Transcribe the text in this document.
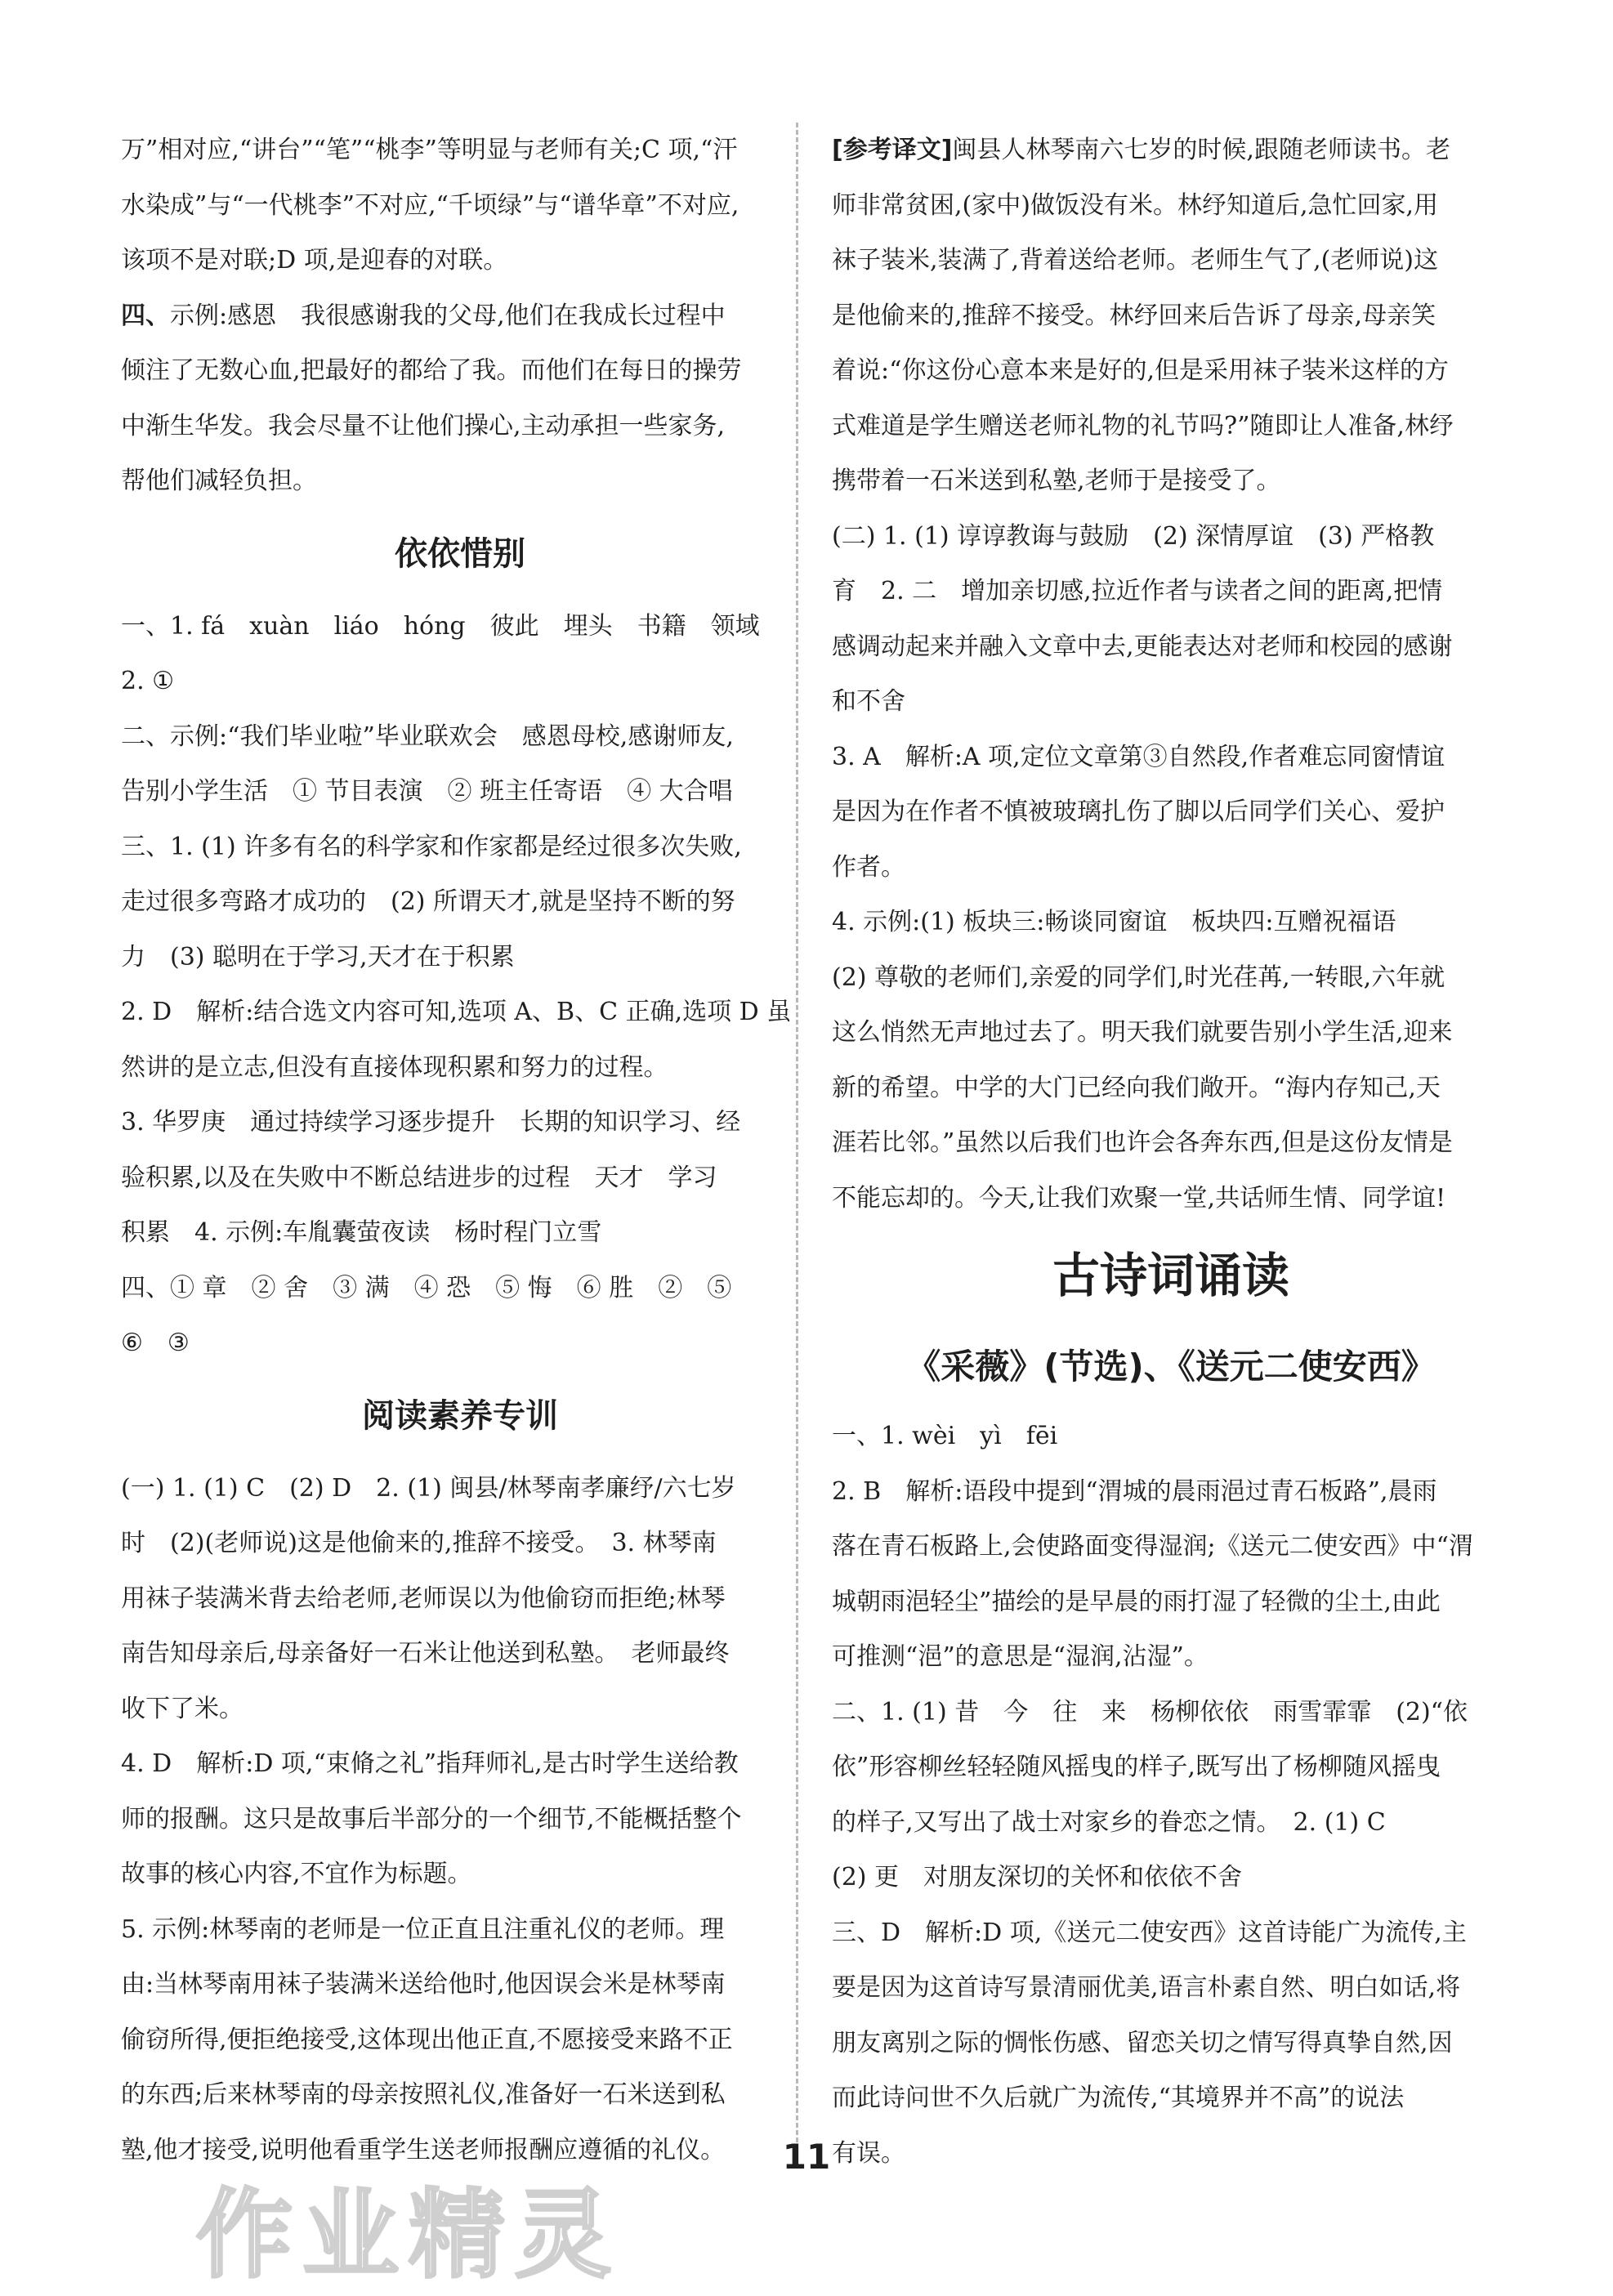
万”相对应,“讲台”“笔”“桃李”等明显与老师有关;C 项,“汗

水染成”与“一代桃李”不对应,“千顷绿”与“谱华章”不对应,

该项不是对联;D 项,是迎春的对联。

四、示例:感恩　我很感谢我的父母,他们在我成长过程中

倾注了无数心血,把最好的都给了我。而他们在每日的操劳

中渐生华发。我会尽量不让他们操心,主动承担一些家务,

帮他们减轻负担。

依依惜别

一、1. fá　xuàn　liáo　hóng　彼此　埋头　书籍　领域

2. ①

二、示例:“我们毕业啦”毕业联欢会　感恩母校,感谢师友,

告别小学生活　① 节目表演　② 班主任寄语　④ 大合唱

三、1. (1) 许多有名的科学家和作家都是经过很多次失败,

走过很多弯路才成功的　(2) 所谓天才,就是坚持不断的努

力　(3) 聪明在于学习,天才在于积累

2. D　解析:结合选文内容可知,选项 A、B、C 正确,选项 D 虽

然讲的是立志,但没有直接体现积累和努力的过程。

3. 华罗庚　通过持续学习逐步提升　长期的知识学习、经

验积累,以及在失败中不断总结进步的过程　天才　学习

积累　4. 示例:车胤囊萤夜读　杨时程门立雪

四、① 章　② 舍　③ 满　④ 恐　⑤ 悔　⑥ 胜　②　⑤

⑥　③

阅读素养专训

(一) 1. (1) C　(2) D　2. (1) 闽县/林琴南孝廉纾/六七岁

时　(2)(老师说)这是他偷来的,推辞不接受。　3. 林琴南

用袜子装满米背去给老师,老师误以为他偷窃而拒绝;林琴

南告知母亲后,母亲备好一石米让他送到私塾。　老师最终

收下了米。

4. D　解析:D 项,“束脩之礼”指拜师礼,是古时学生送给教

师的报酬。这只是故事后半部分的一个细节,不能概括整个

故事的核心内容,不宜作为标题。

5. 示例:林琴南的老师是一位正直且注重礼仪的老师。理

由:当林琴南用袜子装满米送给他时,他因误会米是林琴南

偷窃所得,便拒绝接受,这体现出他正直,不愿接受来路不正

的东西;后来林琴南的母亲按照礼仪,准备好一石米送到私

塾,他才接受,说明他看重学生送老师报酬应遵循的礼仪。

[参考译文]闽县人林琴南六七岁的时候,跟随老师读书。老

师非常贫困,(家中)做饭没有米。林纾知道后,急忙回家,用

袜子装米,装满了,背着送给老师。老师生气了,(老师说)这

是他偷来的,推辞不接受。林纾回来后告诉了母亲,母亲笑

着说:“你这份心意本来是好的,但是采用袜子装米这样的方

式难道是学生赠送老师礼物的礼节吗?”随即让人准备,林纾

携带着一石米送到私塾,老师于是接受了。

(二) 1. (1) 谆谆教诲与鼓励　(2) 深情厚谊　(3) 严格教

育　2. 二　增加亲切感,拉近作者与读者之间的距离,把情

感调动起来并融入文章中去,更能表达对老师和校园的感谢

和不舍

3. A　解析:A 项,定位文章第③自然段,作者难忘同窗情谊

是因为在作者不慎被玻璃扎伤了脚以后同学们关心、爱护

作者。

4. 示例:(1) 板块三:畅谈同窗谊　板块四:互赠祝福语

(2) 尊敬的老师们,亲爱的同学们,时光荏苒,一转眼,六年就

这么悄然无声地过去了。明天我们就要告别小学生活,迎来

新的希望。中学的大门已经向我们敞开。“海内存知己,天

涯若比邻。”虽然以后我们也许会各奔东西,但是这份友情是

不能忘却的。今天,让我们欢聚一堂,共话师生情、同学谊!

古诗词诵读
《采薇》(节选)、《送元二使安西》

一、1. wèi　yì　fēi

2. B　解析:语段中提到“渭城的晨雨浥过青石板路”,晨雨

落在青石板路上,会使路面变得湿润;《送元二使安西》中“渭

城朝雨浥轻尘”描绘的是早晨的雨打湿了轻微的尘土,由此

可推测“浥”的意思是“湿润,沾湿”。

二、1. (1) 昔　今　往　来　杨柳依依　雨雪霏霏　(2)“依

依”形容柳丝轻轻随风摇曳的样子,既写出了杨柳随风摇曳

的样子,又写出了战士对家乡的眷恋之情。　2. (1) C

(2) 更　对朋友深切的关怀和依依不舍

三、D　解析:D 项,《送元二使安西》这首诗能广为流传,主

要是因为这首诗写景清丽优美,语言朴素自然、明白如话,将

朋友离别之际的惆怅伤感、留恋关切之情写得真挚自然,因

而此诗问世不久后就广为流传,“其境界并不高”的说法

有误。

11
作业精灵
